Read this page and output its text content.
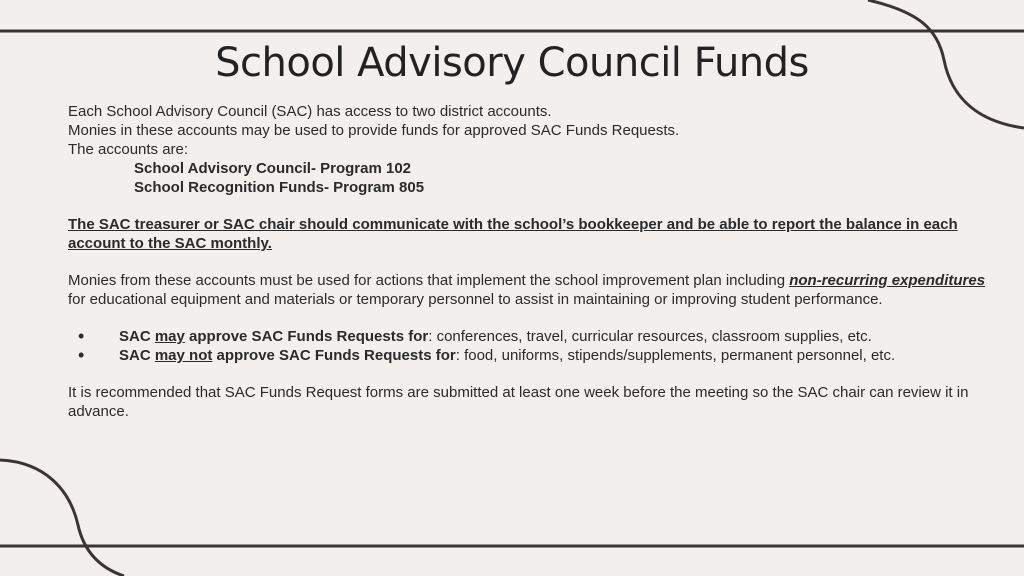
School Advisory Council Funds
Each School Advisory Council (SAC) has access to two district accounts.
Monies in these accounts may be used to provide funds for approved SAC Funds Requests.
The accounts are:
School Advisory Council- Program 102
School Recognition Funds- Program 805
The SAC treasurer or SAC chair should communicate with the school’s bookkeeper and be able to report the balance in each account to the SAC monthly.
Monies from these accounts must be used for actions that implement the school improvement plan including non-recurring expenditures for educational equipment and materials or temporary personnel to assist in maintaining or improving student performance.
•	SAC may approve SAC Funds Requests for: conferences, travel, curricular resources, classroom supplies, etc.
•	SAC may not approve SAC Funds Requests for: food, uniforms, stipends/supplements, permanent personnel, etc.
It is recommended that SAC Funds Request forms are submitted at least one week before the meeting so the SAC chair can review it in advance.
